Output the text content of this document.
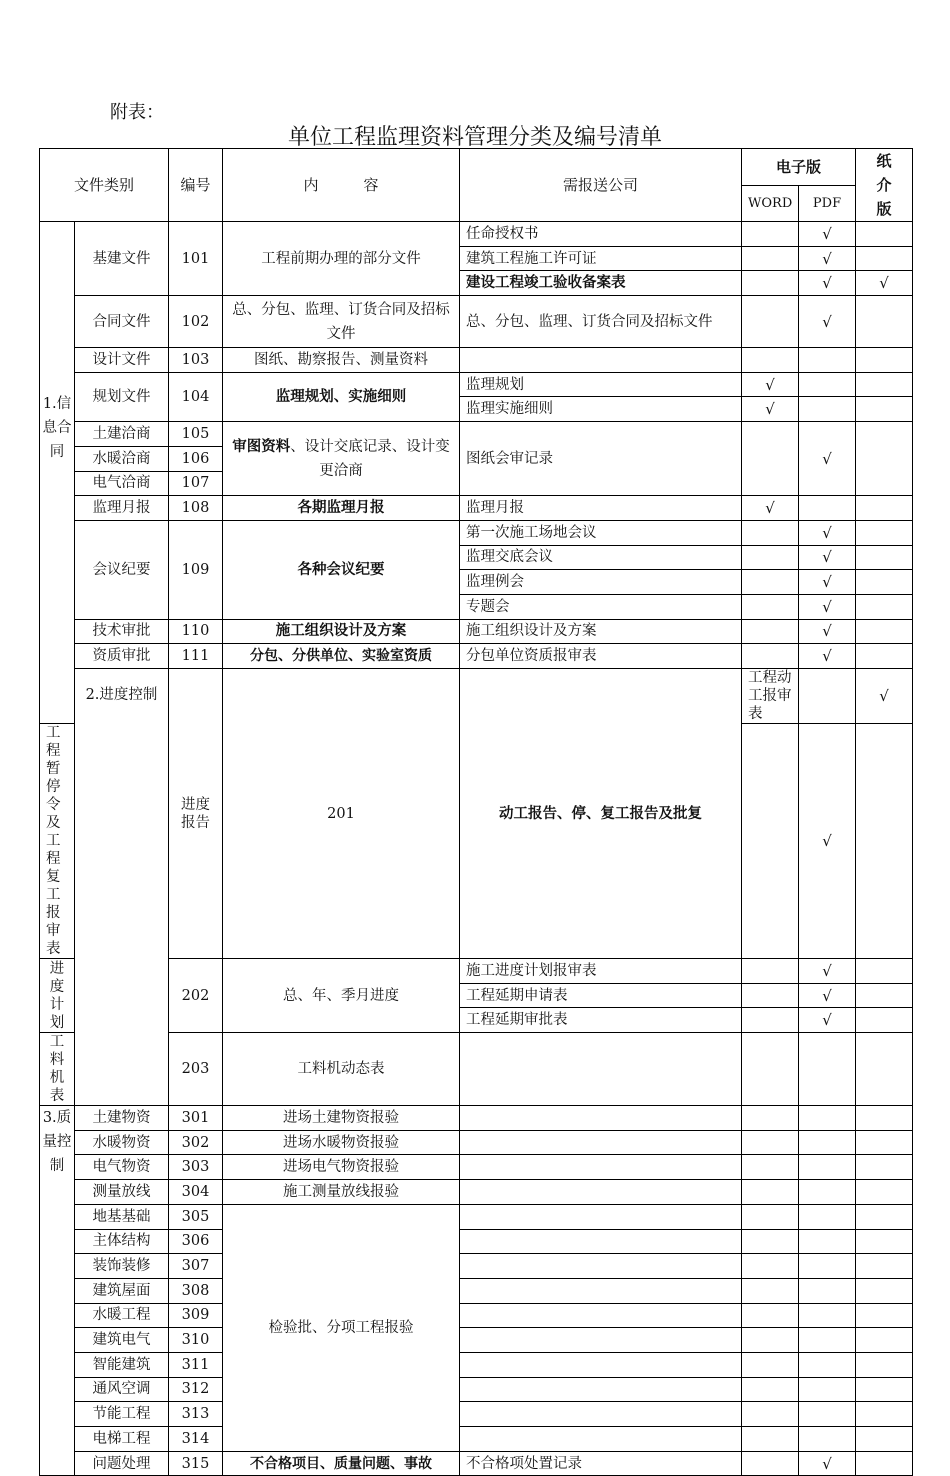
附表：
单位工程监理资料管理分类及编号清单
文件类别		编号	内　　　容	需报送公司	电子版		纸介版	
					WORD	PDF		
1.信息合同	基建文件	101	工程前期办理的部分文件	任命授权书		√		
				建筑工程施工许可证		√		
				建设工程竣工验收备案表		√	√	
	合同文件	102	总、分包、监理、订货合同及招标文件	总、分包、监理、订货合同及招标文件		√		
	设计文件	103	图纸、勘察报告、测量资料					
	规划文件	104	监理规划、实施细则	监理规划	√			
				监理实施细则	√			
	土建洽商	105	审图资料、设计交底记录、设计变更洽商	图纸会审记录		√		
	水暖洽商	106						
	电气洽商	107						
	监理月报	108	各期监理月报	监理月报	√			
	会议纪要	109	各种会议纪要	第一次施工场地会议		√		
				监理交底会议		√		
				监理例会		√		
				专题会		√		
	技术审批	110	施工组织设计及方案	施工组织设计及方案		√		
	资质审批	111	分包、分供单位、实验室资质	分包单位资质报审表		√		
	2.进度控制	进度报告	201	动工报告、停、复工报告及批复	工程动工报审表		√	
工程暂停令及工程复工报审表						√		
进度计划		202	总、年、季月进度	施工进度计划报审表		√		
				工程延期申请表		√		
				工程延期审批表		√		
工料机表		203	工料机动态表					
3.质量控制	土建物资	301	进场土建物资报验					
	水暖物资	302	进场水暖物资报验					
	电气物资	303	进场电气物资报验					
	测量放线	304	施工测量放线报验					
	地基基础	305	检验批、分项工程报验					
	主体结构	306						
	装饰装修	307						
	建筑屋面	308						
	水暖工程	309						
	建筑电气	310						
	智能建筑	311						
	通风空调	312						
	节能工程	313						
	电梯工程	314						
	问题处理	315	不合格项目、质量问题、事故	不合格项处置记录		√		
